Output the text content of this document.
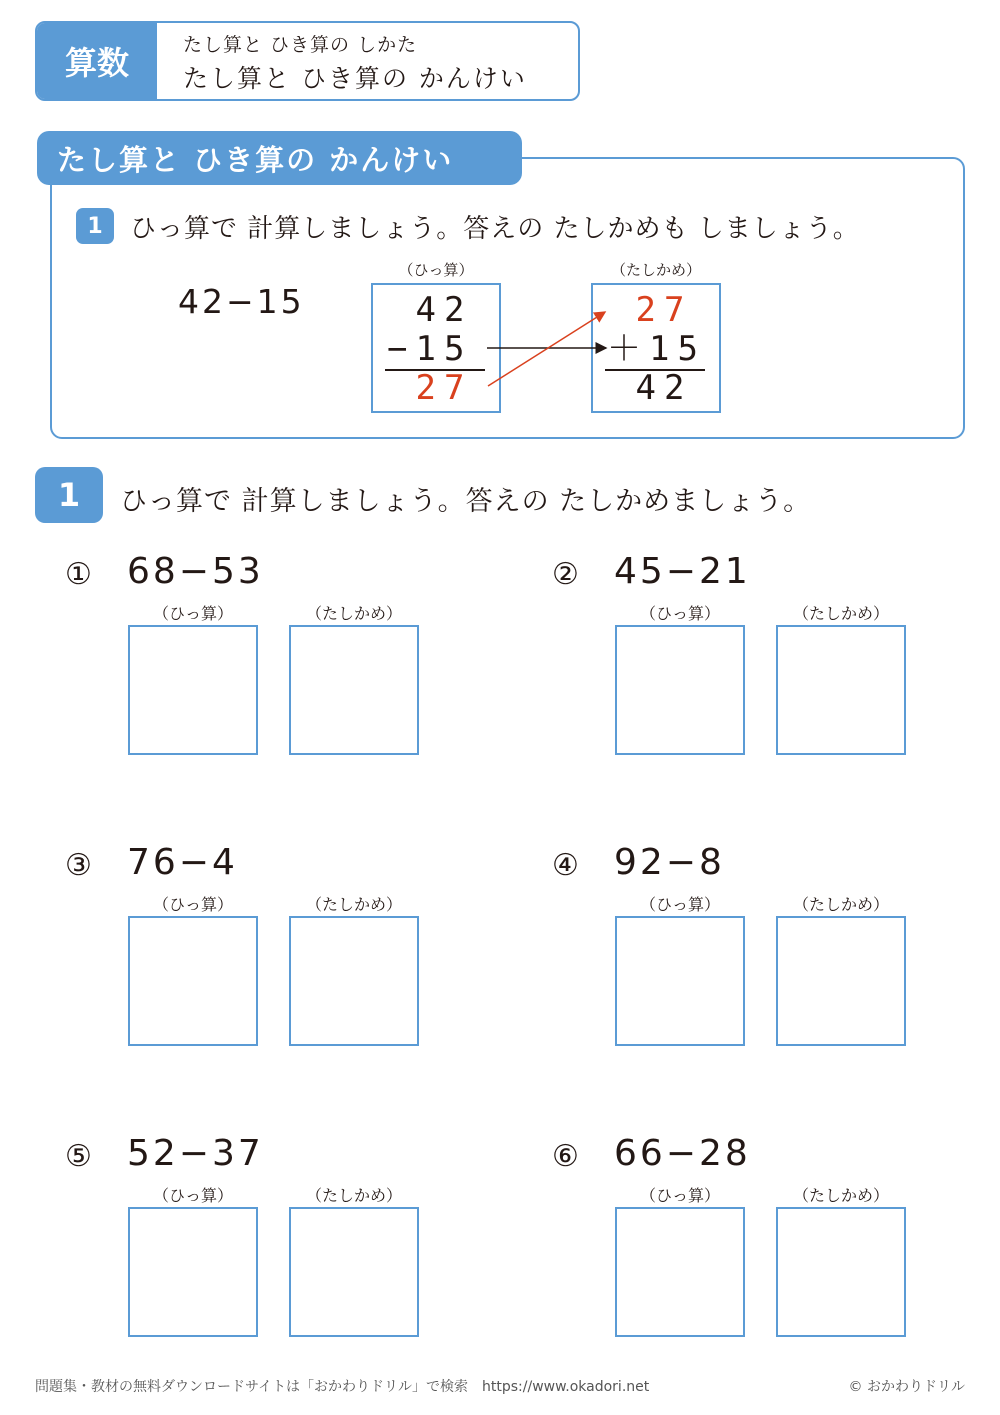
算数	たし算と ひき算の しかた
たし算と ひき算の かんけい
たし算と ひき算の かんけい
1	ひっ算で 計算しましょう。答えの たしかめも しましょう。
42−15
（ひっ算）
42
−15
27
（たしかめ）
27
＋15
42
1	ひっ算で 計算しましょう。答えの たしかめましょう。
① 68−53
（ひっ算）	（たしかめ）
② 45−21
（ひっ算）	（たしかめ）
③ 76−4
（ひっ算）	（たしかめ）
④ 92−8
（ひっ算）	（たしかめ）
⑤ 52−37
（ひっ算）	（たしかめ）
⑥ 66−28
（ひっ算）	（たしかめ）
問題集・教材の無料ダウンロードサイトは「おかわりドリル」で検索　https://www.okadori.net	© おかわりドリル
